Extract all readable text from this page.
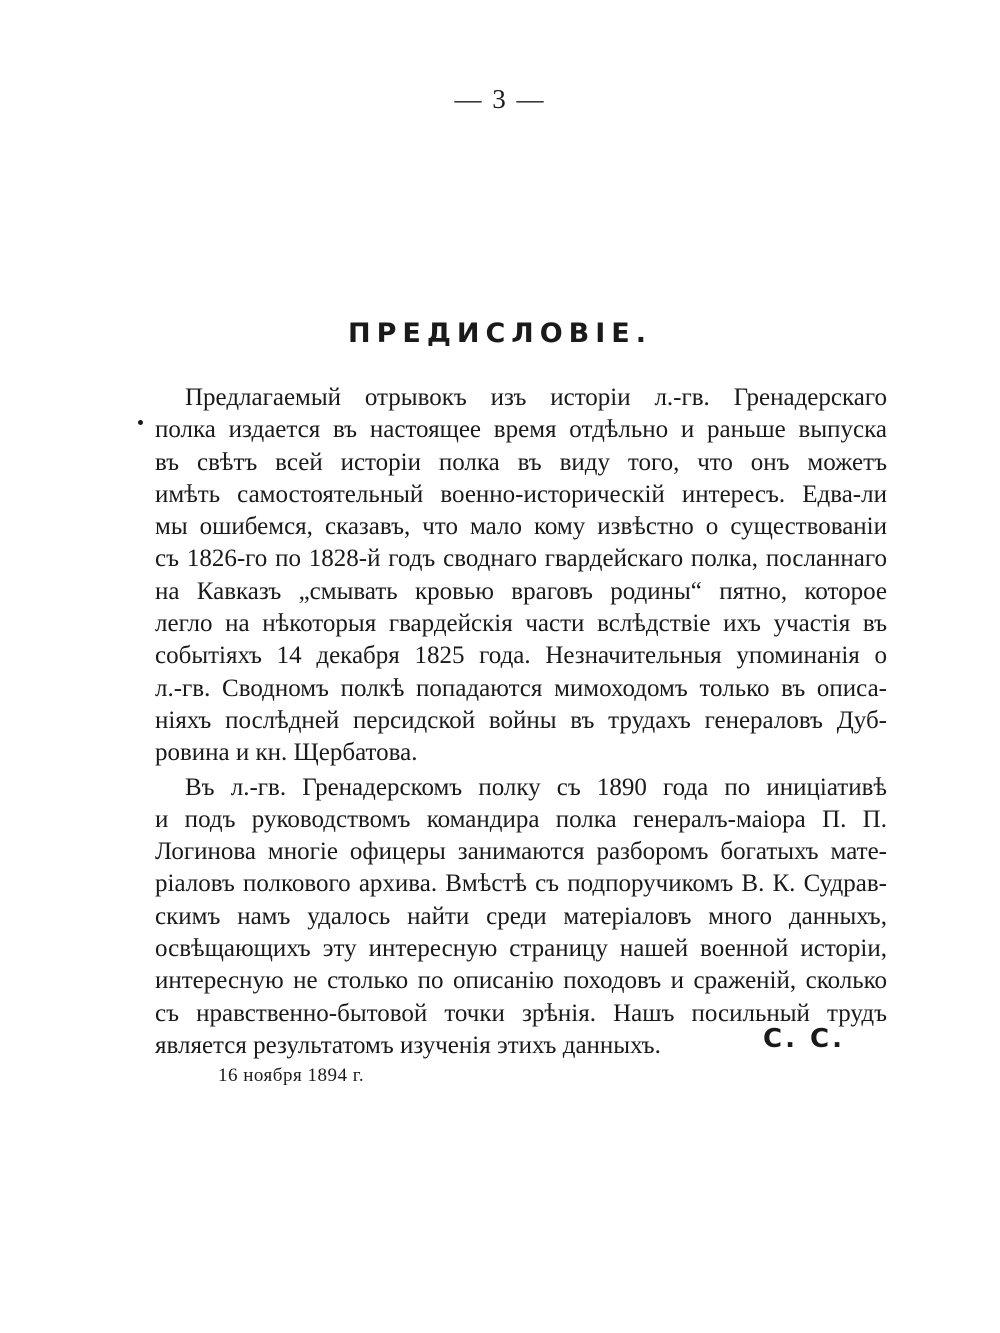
— 3 —
ПРЕДИСЛОВІЕ.
Предлагаемый отрывокъ изъ исторіи л.-гв. Гренадерскаго
полка издается въ настоящее время отдѣльно и раньше выпуска
въ свѣтъ всей исторіи полка въ виду того, что онъ можетъ
имѣть самостоятельный военно-историческій интересъ. Едва-ли
мы ошибемся, сказавъ, что мало кому извѣстно о существованіи
съ 1826-го по 1828-й годъ своднаго гвардейскаго полка, посланнаго
на Кавказъ „смывать кровью враговъ родины“ пятно, которое
легло на нѣкоторыя гвардейскія части вслѣдствіе ихъ участія въ
событіяхъ 14 декабря 1825 года. Незначительныя упоминанія о
л.-гв. Сводномъ полкѣ попадаются мимоходомъ только въ описа-
ніяхъ послѣдней персидской войны въ трудахъ генераловъ Дуб-
ровина и кн. Щербатова.
Въ л.-гв. Гренадерскомъ полку съ 1890 года по иниціативѣ
и подъ руководствомъ командира полка генералъ-маіора П. П.
Логинова многіе офицеры занимаются разборомъ богатыхъ мате-
ріаловъ полкового архива. Вмѣстѣ съ подпоручикомъ В. К. Судрав-
скимъ намъ удалось найти среди матеріаловъ много данныхъ,
освѣщающихъ эту интересную страницу нашей военной исторіи,
интересную не столько по описанію походовъ и сраженій, сколько
съ нравственно-бытовой точки зрѣнія. Нашъ посильный трудъ
является результатомъ изученія этихъ данныхъ.	С. С.
16 ноября 1894 г.
